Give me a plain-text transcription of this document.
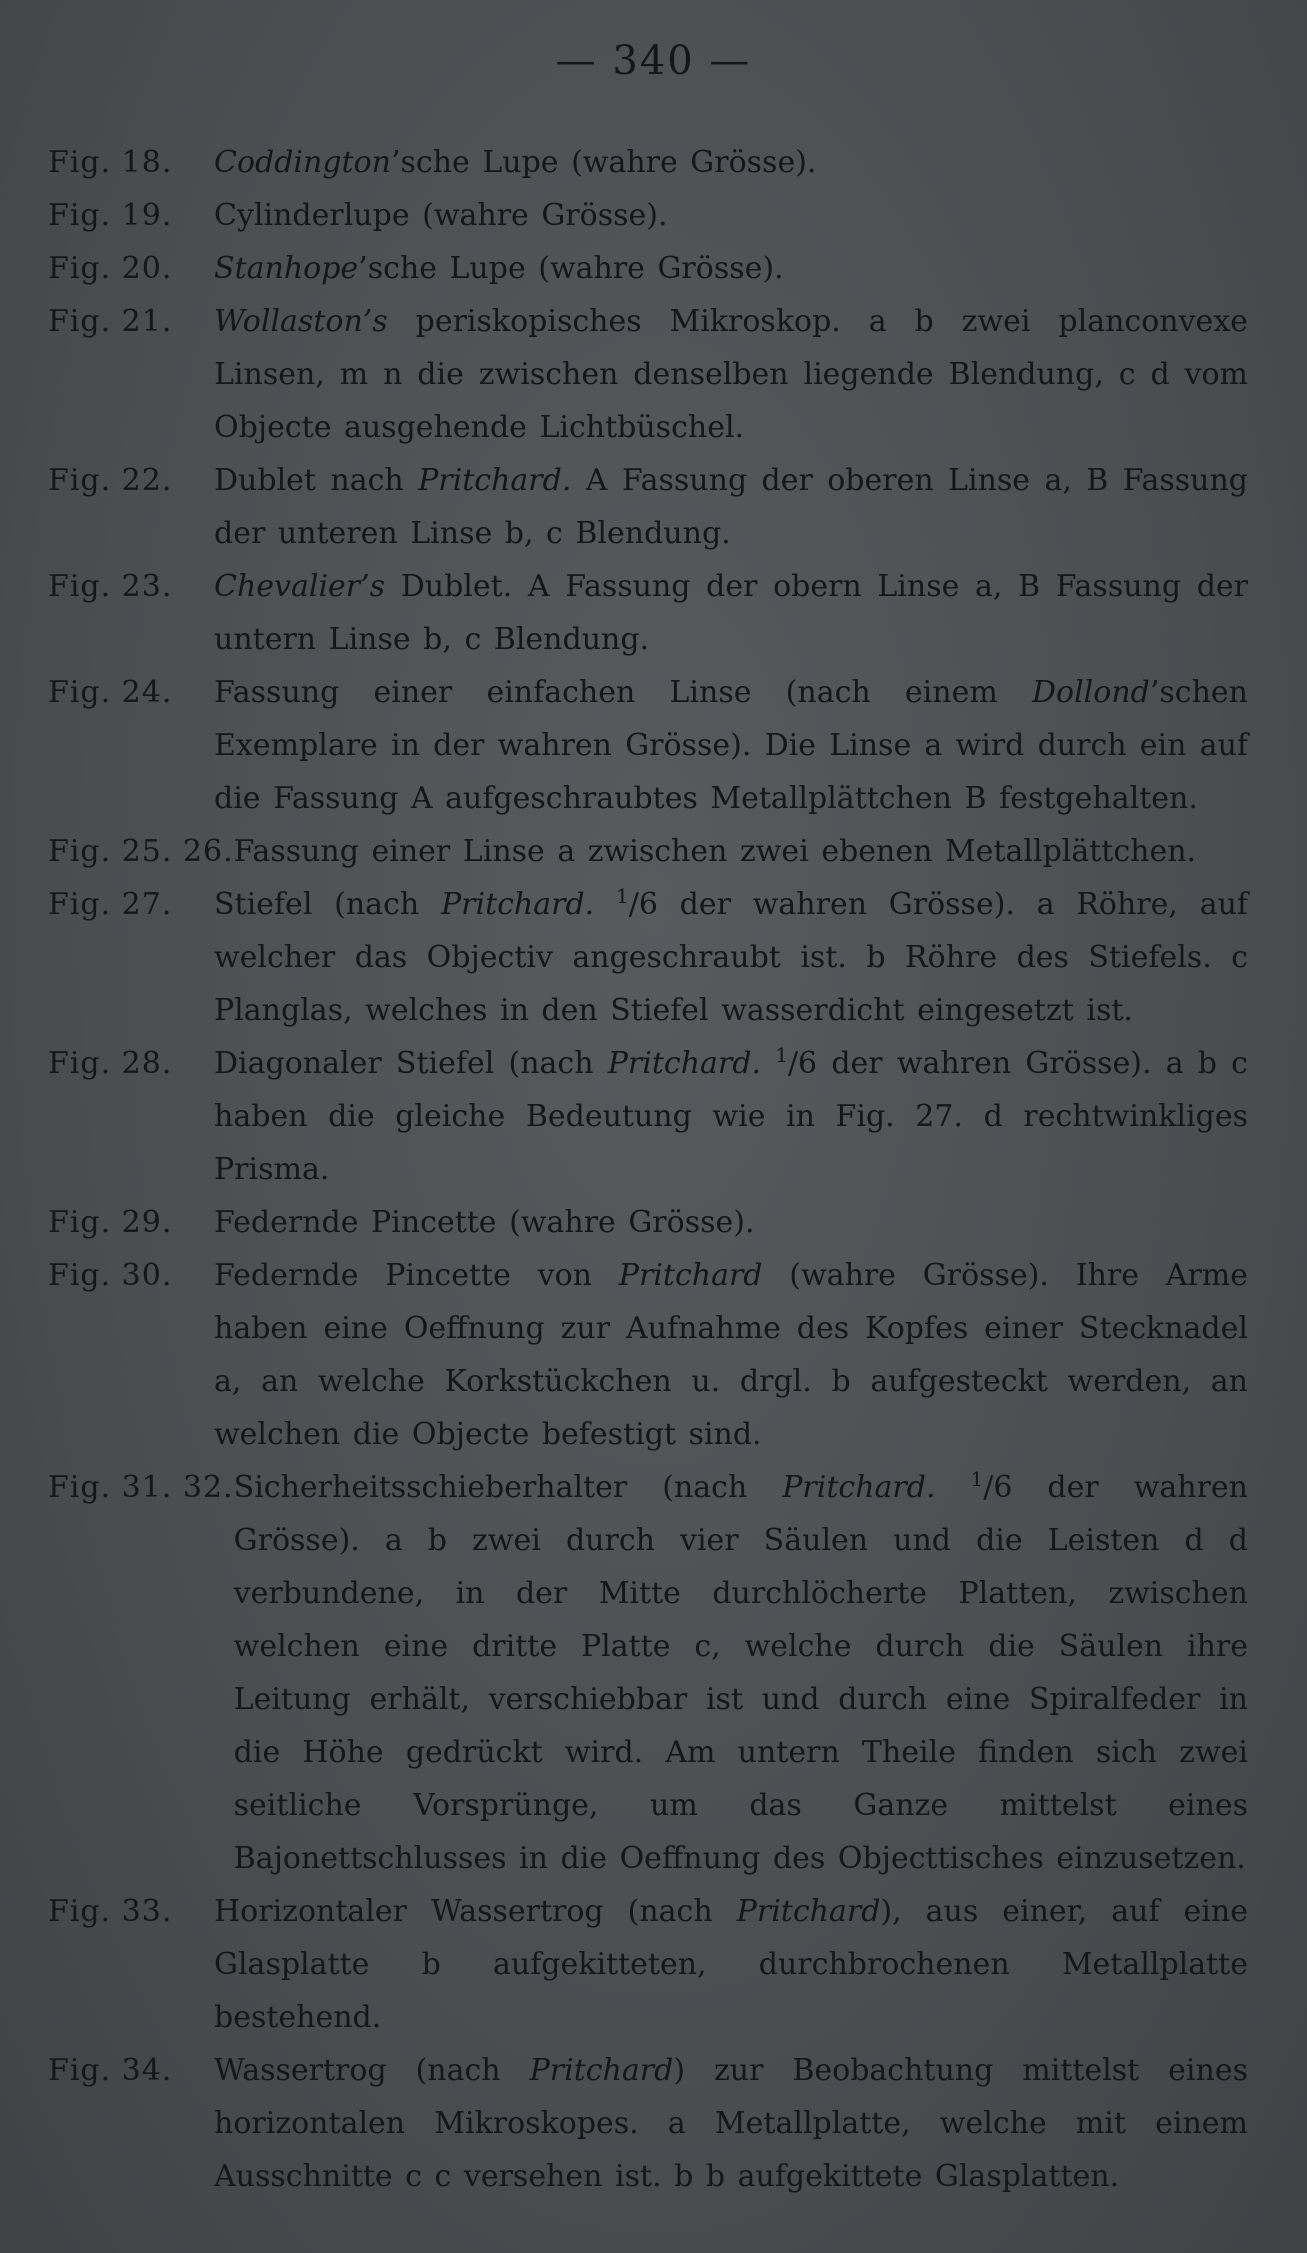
— 340 —
Fig. 18.	Coddington’sche Lupe (wahre Grösse).
Fig. 19.	Cylinderlupe (wahre Grösse).
Fig. 20.	Stanhope’sche Lupe (wahre Grösse).
Fig. 21.	Wollaston’s periskopisches Mikroskop. a b zwei planconvexe Linsen, m n die zwischen denselben liegende Blendung, c d vom Objecte ausgehende Lichtbüschel.
Fig. 22.	Dublet nach Pritchard. A Fassung der oberen Linse a, B Fassung der unteren Linse b, c Blendung.
Fig. 23.	Chevalier’s Dublet. A Fassung der obern Linse a, B Fassung der untern Linse b, c Blendung.
Fig. 24.	Fassung einer einfachen Linse (nach einem Dollond’schen Exemplare in der wahren Grösse). Die Linse a wird durch ein auf die Fassung A aufgeschraubtes Metallplättchen B festgehalten.
Fig. 25. 26. Fassung einer Linse a zwischen zwei ebenen Metallplättchen.
Fig. 27.	Stiefel (nach Pritchard. $^1$/6 der wahren Grösse). a Röhre, auf welcher das Objectiv angeschraubt ist. b Röhre des Stiefels. c Planglas, welches in den Stiefel wasserdicht eingesetzt ist.
Fig. 28.	Diagonaler Stiefel (nach Pritchard. $^1$/6 der wahren Grösse). a b c haben die gleiche Bedeutung wie in Fig. 27. d rechtwinkliges Prisma.
Fig. 29.	Federnde Pincette (wahre Grösse).
Fig. 30.	Federnde Pincette von Pritchard (wahre Grösse). Ihre Arme haben eine Oeffnung zur Aufnahme des Kopfes einer Stecknadel a, an welche Korkstückchen u. drgl. b aufgesteckt werden, an welchen die Objecte befestigt sind.
Fig. 31. 32. Sicherheitsschieberhalter (nach Pritchard. $^1$/6 der wahren Grösse). a b zwei durch vier Säulen und die Leisten d d verbundene, in der Mitte durchlöcherte Platten, zwischen welchen eine dritte Platte c, welche durch die Säulen ihre Leitung erhält, verschiebbar ist und durch eine Spiralfeder in die Höhe gedrückt wird. Am untern Theile finden sich zwei seitliche Vorsprünge, um das Ganze mittelst eines Bajonettschlusses in die Oeffnung des Objecttisches einzusetzen.
Fig. 33.	Horizontaler Wassertrog (nach Pritchard), aus einer, auf eine Glasplatte b aufgekitteten, durchbrochenen Metallplatte bestehend.
Fig. 34.	Wassertrog (nach Pritchard) zur Beobachtung mittelst eines horizontalen Mikroskopes. a Metallplatte, welche mit einem Ausschnitte c c versehen ist. b b aufgekittete Glasplatten.
